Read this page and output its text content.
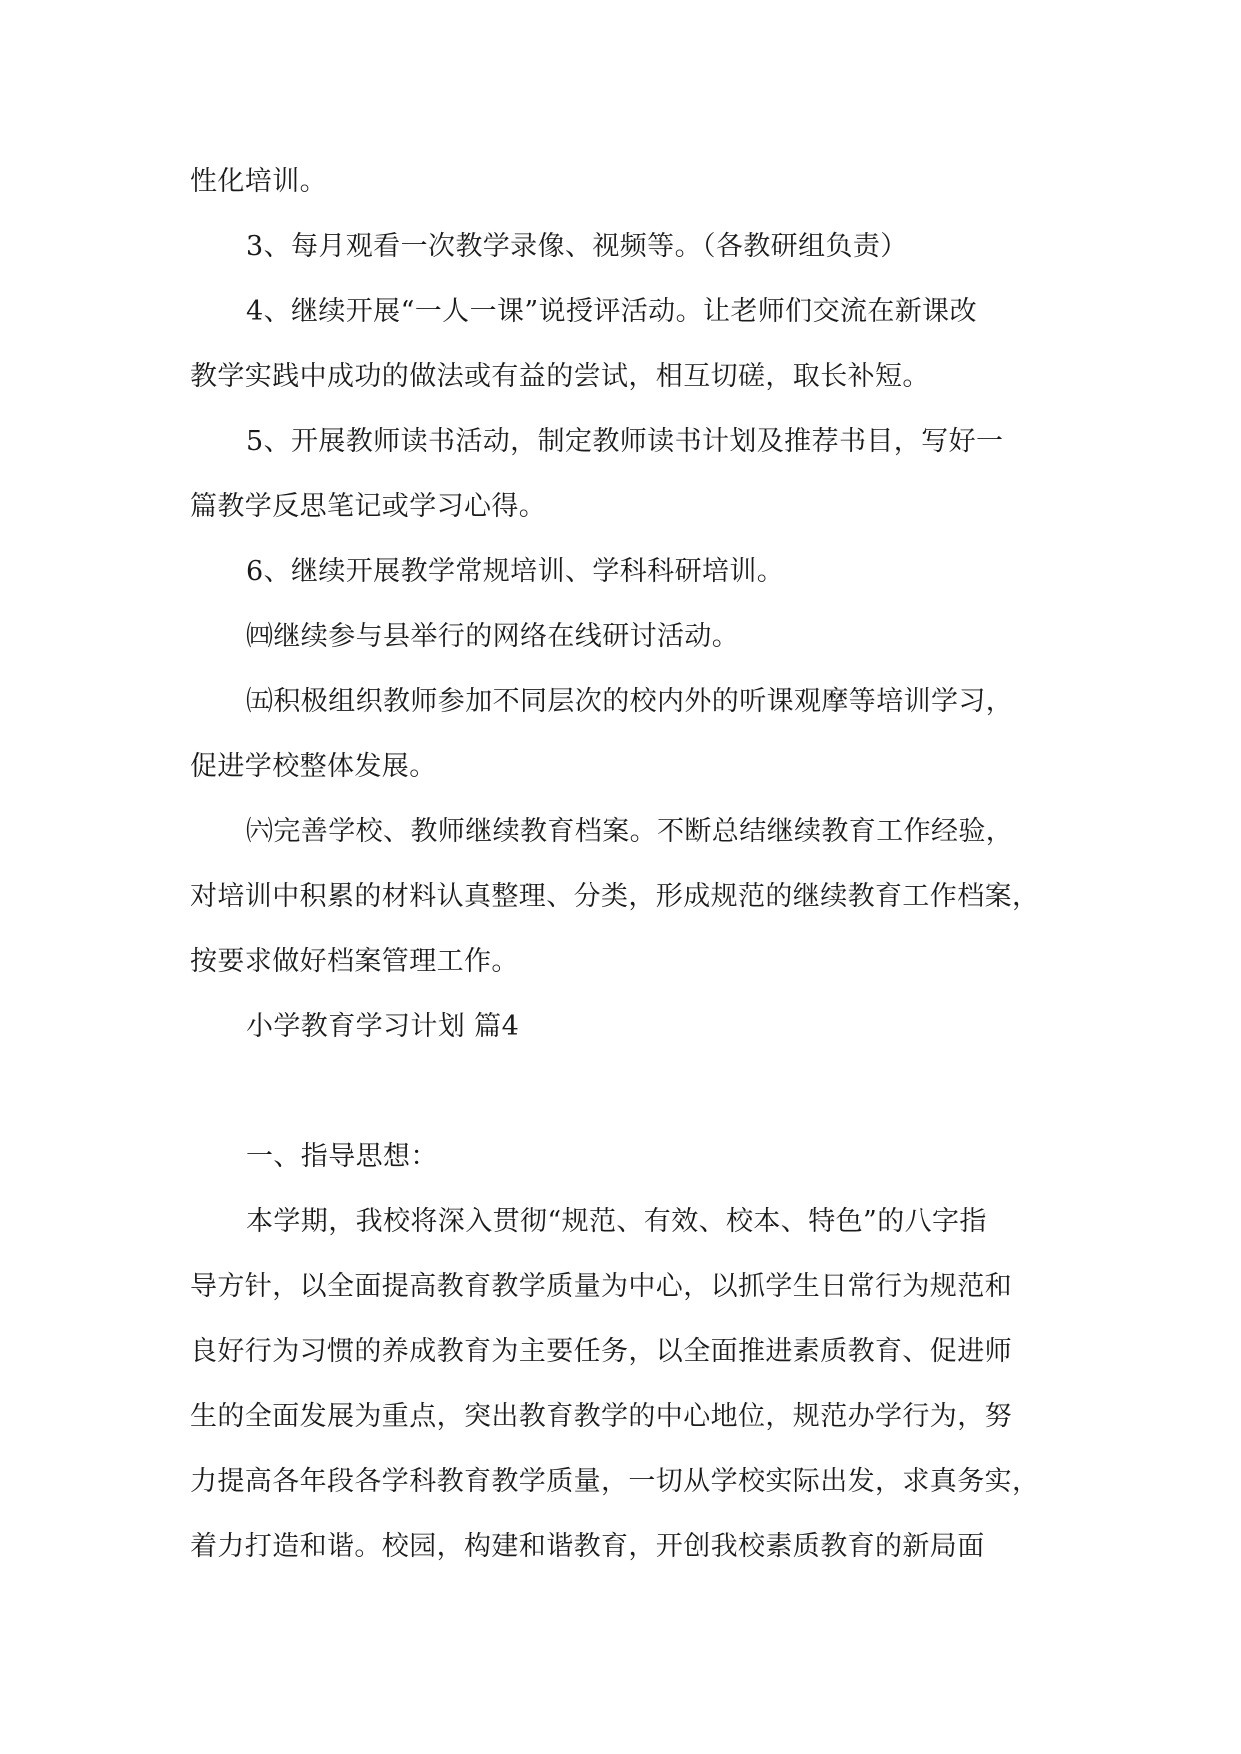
性化培训。
3、每月观看一次教学录像、视频等。（各教研组负责）
4、继续开展“一人一课”说授评活动。让老师们交流在新课改
教学实践中成功的做法或有益的尝试，相互切磋，取长补短。
5、开展教师读书活动，制定教师读书计划及推荐书目，写好一
篇教学反思笔记或学习心得。
6、继续开展教学常规培训、学科科研培训。
㈣继续参与县举行的网络在线研讨活动。
㈤积极组织教师参加不同层次的校内外的听课观摩等培训学习，
促进学校整体发展。
㈥完善学校、教师继续教育档案。不断总结继续教育工作经验，
对培训中积累的材料认真整理、分类，形成规范的继续教育工作档案，
按要求做好档案管理工作。
小学教育学习计划 篇4
一、指导思想：
本学期，我校将深入贯彻“规范、有效、校本、特色”的八字指
导方针，以全面提高教育教学质量为中心，以抓学生日常行为规范和
良好行为习惯的养成教育为主要任务，以全面推进素质教育、促进师
生的全面发展为重点，突出教育教学的中心地位，规范办学行为，努
力提高各年段各学科教育教学质量，一切从学校实际出发，求真务实，
着力打造和谐。校园，构建和谐教育，开创我校素质教育的新局面
